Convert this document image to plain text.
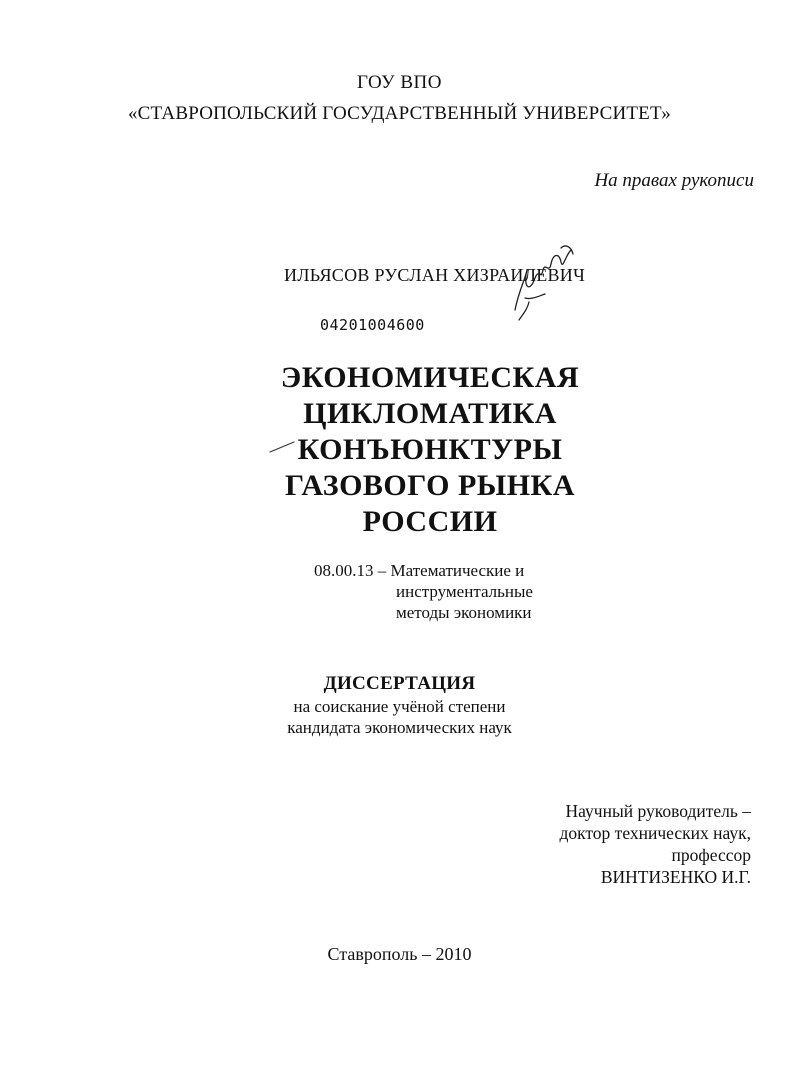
ГОУ ВПО
«СТАВРОПОЛЬСКИЙ ГОСУДАРСТВЕННЫЙ УНИВЕРСИТЕТ»
На правах рукописи
ИЛЬЯСОВ РУСЛАН ХИЗРАИЛЕВИЧ
04201004600
ЭКОНОМИЧЕСКАЯ
ЦИКЛОМАТИКА
КОНЪЮНКТУРЫ
ГАЗОВОГО РЫНКА
РОССИИ
08.00.13 – Математические и
инструментальные
методы экономики
ДИССЕРТАЦИЯ
на соискание учёной степени
кандидата экономических наук
Научный руководитель –
доктор технических наук,
профессор
ВИНТИЗЕНКО И.Г.
Ставрополь – 2010
